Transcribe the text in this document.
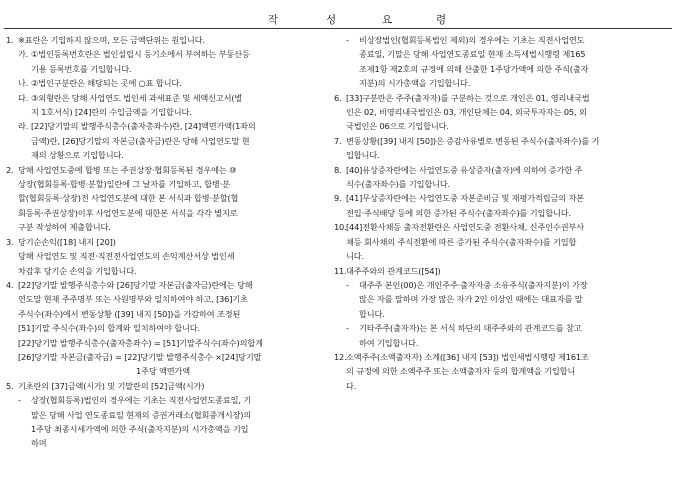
작	성	요	령
1. ※표란은 기입하지 않으며, 모든 금액단위는 원입니다.
가. ①법인등록번호란은 법인설립시 등기소에서 부여하는 부동산등
기용 등록번호를 기입합니다.
나. ②법인구분란은 해당되는 곳에 ○표 합니다.
다. ③외형란은 당해 사업연도 법인세 과세표준 및 세액신고서(별
지 1호서식) [24]란의 수입금액을 기입합니다.
라. [22]당기말의 발행주식총수(출자총좌수)란, [24]액면가액(1좌의
금액)란, [26]당기말의 자본금(출자금)란은 당해 사업연도말 현
재의 상황으로 기입합니다.
2. 당해 사업연도중에 합병 또는 주권상장·협회등록된 경우에는 ⑩
상장(협회등록·합병·분할)일란에 그 날자를 기입하고, 합병·분
할(협회등록·상장)전 사업연도분에 대한 본 서식과 합병·분할(협
회등록·주권상장)이후 사업연도분에 대한본 서식을 각각 별지로
구분 작성하여 제출합니다.
3. 당기순손익([18] 내지 [20])
당해 사업연도 및 직전·직전전사업연도의 손익계산서상 법인세
차감후 당기순 손익을 기입합니다.
4. [22]당기말 발행주식총수와 [26]당기말 자본금(출자금)란에는 당해
연도말 현재 주주명부 또는 사원명부와 일치하여야 하고, [36]기초
주식수(좌수)에서 변동상황 ([39] 내지 [50])을 가감하여 조정된
[51]기말 주식수(좌수)의 합계와 일치하여야 합니다.
[22]당기말 발행주식총수(출자총좌수) = [51]기말주식수(좌수)의합계
[26]당기말 자본금(출자금) = [22]당기말 발행주식총수 ×[24]당기말
1주당 액면가액
5. 기초란의 [37]금액(시가) 및 기말란의 [52]금액(시가)
- 상장(협회등록)법인의 경우에는 기초는 직전사업연도종료일, 기
말은 당해 사업 연도종료일 현재의 증권거래소(협회중개시장)의
1주당 최종시세가액에 의한 주식(출자지분)의 시가총액을 기입
하며
- 비상장법인(협회등록법인 제외)의 경우에는 기초는 직전사업연도
종료일, 기말은 당해 사업연도종료일 현재 소득세법시행령 제165
조제1항 제2호의 규정에 의해 산출한 1주당가액에 의한 주식(출자
지분)의 시가총액을 기입합니다.
6. [33]구분란은 주주(출자자)를 구분하는 것으로 개인은 01, 영리내국법
인은 02, 비영리내국법인은 03, 개인단체는 04, 외국투자자는 05, 외
국법인은 06으로 기입합니다.
7. 변동상황([39] 내지 [50])은 증감사유별로 변동된 주식수(출자좌수)를 기
입합니다.
8. [40]유상증자란에는 사업연도중 유상증자(출자)에 의하여 증가한 주
식수(출자좌수)를 기입합니다.
9. [41]무상증자란에는 사업연도중 자본준비금 및 재평가적립금의 자본
전입·주식배당 등에 의한 증가된 주식수(출자좌수)를 기입합니다.
10. [44]전환사채등 출자전환란은 사업연도중 전환사채, 신주인수권부사
채등 회사채의 주식전환에 따른 증가된 주식수(출자좌수)를 기입합
니다.
11. 대주주와의 관계코드([54])
- 대주주 본인(00)은 개인주주·출자자중 소유주식(출자지분)이 가장
많은 자를 말하며 가장 많은 자가 2인 이상인 때에는 대표자를 말
합니다.
- 기타주주(출자자)는 본 서식 하단의 대주주와의 관계코드를 참고
하여 기입합니다.
12. 소액주주(소액출자자) 소계([36] 내지 [53]) 법인세법시행령 제161조
의 규정에 의한 소액주주 또는 소액출자자 등의 합계액을 기입합니
다.
